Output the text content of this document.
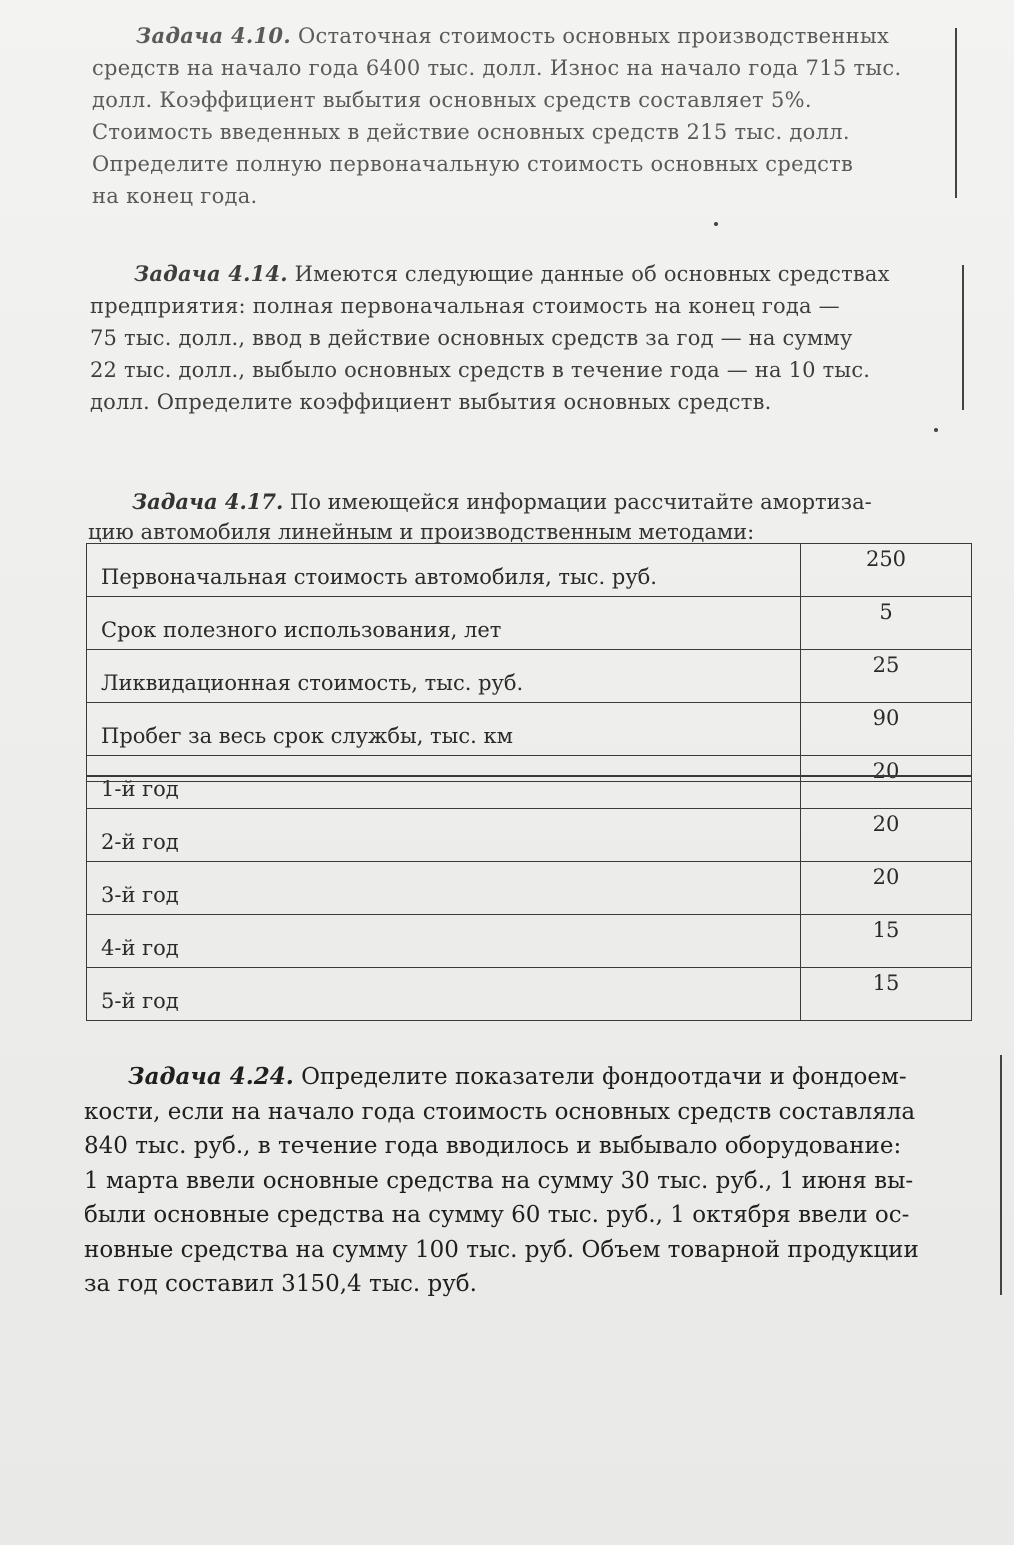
Задача 4.10. Остаточная стоимость основных производственных
средств на начало года 6400 тыс. долл. Износ на начало года 715 тыс.
долл. Коэффициент выбытия основных средств составляет 5%.
Стоимость введенных в действие основных средств 215 тыс. долл.
Определите полную первоначальную стоимость основных средств
на конец года.
Задача 4.14. Имеются следующие данные об основных средствах
предприятия: полная первоначальная стоимость на конец года —
75 тыс. долл., ввод в действие основных средств за год — на сумму
22 тыс. долл., выбыло основных средств в течение года — на 10 тыс.
долл. Определите коэффициент выбытия основных средств.
Задача 4.17. По имеющейся информации рассчитайте амортиза-
цию автомобиля линейным и производственным методами:
Первоначальная стоимость автомобиля, тыс. руб.	250
Срок полезного использования, лет	5
Ликвидационная стоимость, тыс. руб.	25
Пробег за весь срок службы, тыс. км	90
1-й год	20
2-й год	20
3-й год	20
4-й год	15
5-й год	15
Задача 4.24. Определите показатели фондоотдачи и фондоем-
кости, если на начало года стоимость основных средств составляла
840 тыс. руб., в течение года вводилось и выбывало оборудование:
1 марта ввели основные средства на сумму 30 тыс. руб., 1 июня вы-
были основные средства на сумму 60 тыс. руб., 1 октября ввели ос-
новные средства на сумму 100 тыс. руб. Объем товарной продукции
за год составил 3150,4 тыс. руб.
